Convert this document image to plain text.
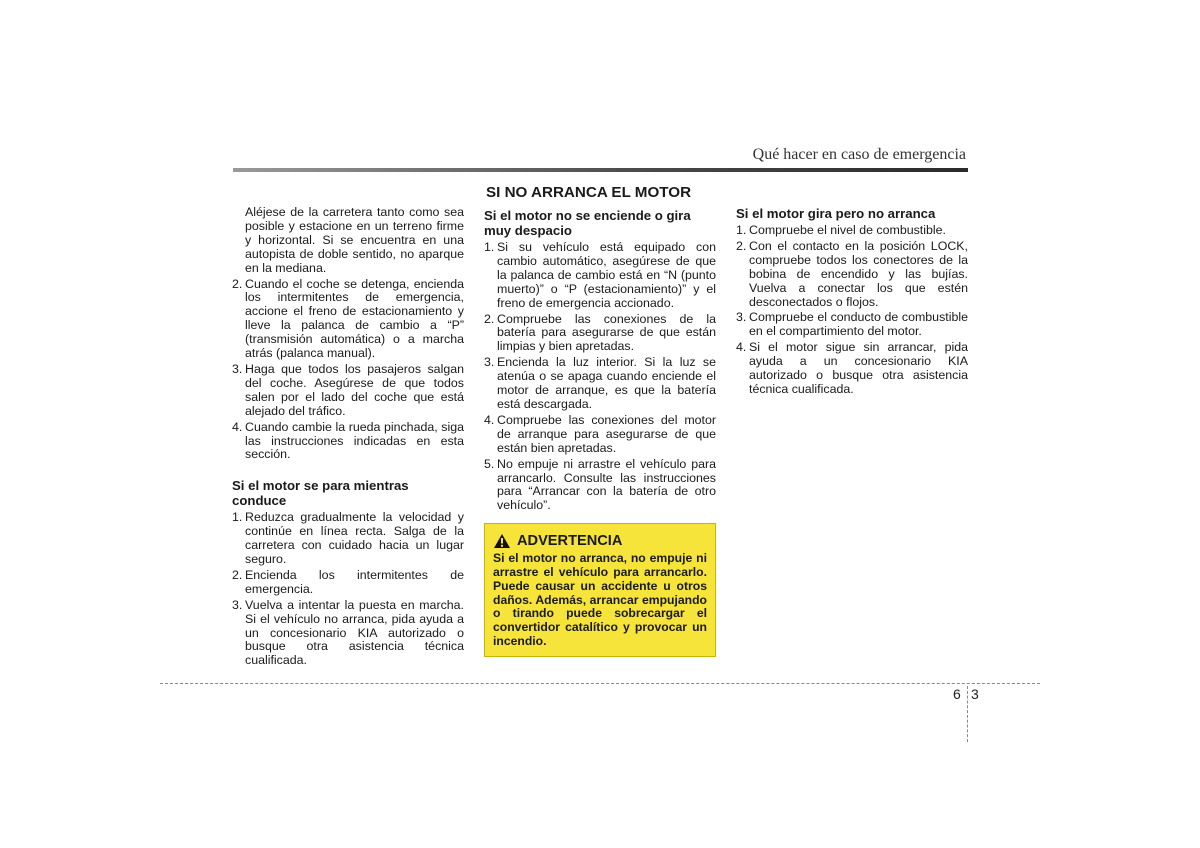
Qué hacer en caso de emergencia
Aléjese de la carretera tanto como sea posible y estacione en un terreno firme y horizontal. Si se encuentra en una autopista de doble sentido, no aparque en la mediana.
2. Cuando el coche se detenga, encienda los intermitentes de emergencia, accione el freno de estacionamiento y lleve la palanca de cambio a “P” (transmisión automática) o a marcha atrás (palanca manual).
3. Haga que todos los pasajeros salgan del coche. Asegúrese de que todos salen por el lado del coche que está alejado del tráfico.
4. Cuando cambie la rueda pinchada, siga las instrucciones indicadas en esta sección.
Si el motor se para mientras conduce
1. Reduzca gradualmente la velocidad y continúe en línea recta. Salga de la carretera con cuidado hacia un lugar seguro.
2. Encienda los intermitentes de emergencia.
3. Vuelva a intentar la puesta en marcha. Si el vehículo no arranca, pida ayuda a un concesionario KIA autorizado o busque otra asistencia técnica cualificada.
SI NO ARRANCA EL MOTOR
Si el motor no se enciende o gira muy despacio
1. Si su vehículo está equipado con cambio automático, asegúrese de que la palanca de cambio está en “N (punto muerto)” o “P (estacionamiento)” y el freno de emergencia accionado.
2. Compruebe las conexiones de la batería para asegurarse de que están limpias y bien apretadas.
3. Encienda la luz interior. Si la luz se atenúa o se apaga cuando enciende el motor de arranque, es que la batería está descargada.
4. Compruebe las conexiones del motor de arranque para asegurarse de que están bien apretadas.
5. No empuje ni arrastre el vehículo para arrancarlo. Consulte las instrucciones para “Arrancar con la batería de otro vehículo”.
ADVERTENCIA
Si el motor no arranca, no empuje ni arrastre el vehículo para arrancarlo. Puede causar un accidente u otros daños. Además, arrancar empujando o tirando puede sobrecargar el convertidor catalítico y provocar un incendio.
Si el motor gira pero no arranca
1. Compruebe el nivel de combustible.
2. Con el contacto en la posición LOCK, compruebe todos los conectores de la bobina de encendido y las bujías. Vuelva a conectar los que estén desconectados o flojos.
3. Compruebe el conducto de combustible en el compartimiento del motor.
4. Si el motor sigue sin arrancar, pida ayuda a un concesionario KIA autorizado o busque otra asistencia técnica cualificada.
6 3
